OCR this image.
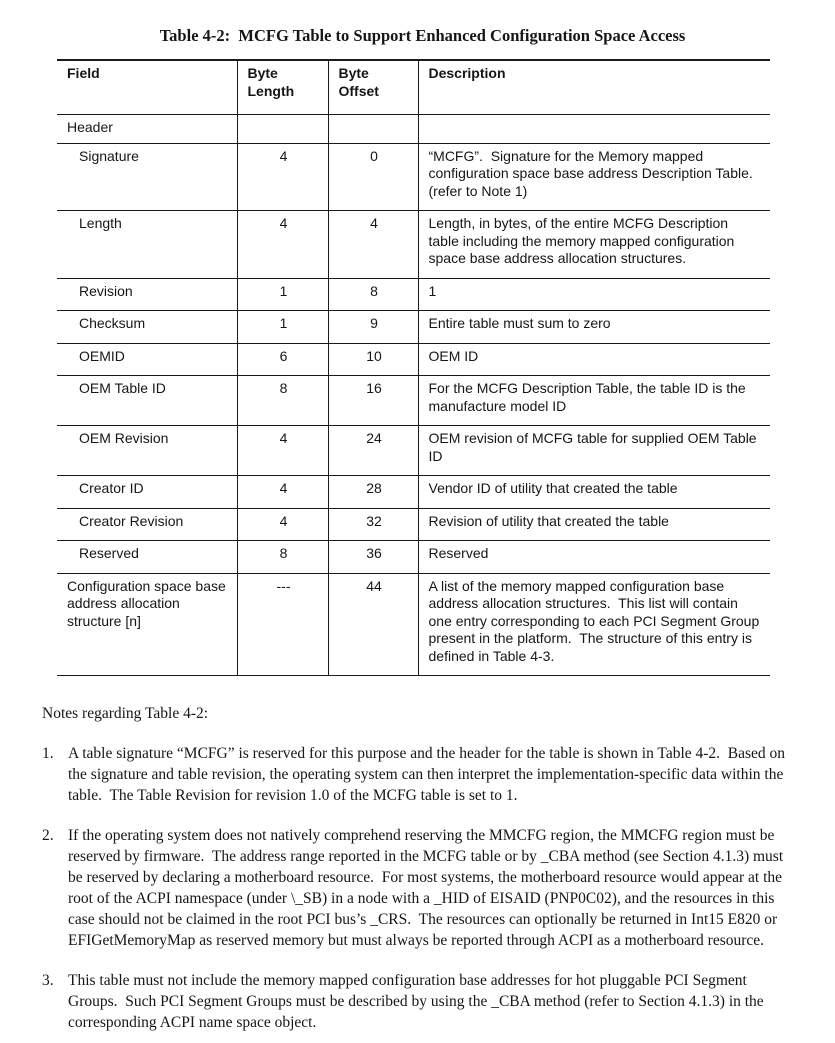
Table 4-2:  MCFG Table to Support Enhanced Configuration Space Access
Field	Byte Length	Byte Offset	Description
Header			
Signature	4	0	“MCFG”.  Signature for the Memory mapped configuration space base address Description Table.  (refer to Note 1)
Length	4	4	Length, in bytes, of the entire MCFG Description table including the memory mapped configuration space base address allocation structures.
Revision	1	8	1
Checksum	1	9	Entire table must sum to zero
OEMID	6	10	OEM ID
OEM Table ID	8	16	For the MCFG Description Table, the table ID is the manufacture model ID
OEM Revision	4	24	OEM revision of MCFG table for supplied OEM Table ID
Creator ID	4	28	Vendor ID of utility that created the table
Creator Revision	4	32	Revision of utility that created the table
Reserved	8	36	Reserved
Configuration space base address allocation structure [n]	---	44	A list of the memory mapped configuration base address allocation structures.  This list will contain one entry corresponding to each PCI Segment Group present in the platform.  The structure of this entry is defined in Table 4-3.

Notes regarding Table 4-2:

1. A table signature “MCFG” is reserved for this purpose and the header for the table is shown in Table 4-2.  Based on the signature and table revision, the operating system can then interpret the implementation-specific data within the table.  The Table Revision for revision 1.0 of the MCFG table is set to 1.
2. If the operating system does not natively comprehend reserving the MMCFG region, the MMCFG region must be reserved by firmware.  The address range reported in the MCFG table or by _CBA method (see Section 4.1.3) must be reserved by declaring a motherboard resource.  For most systems, the motherboard resource would appear at the root of the ACPI namespace (under \_SB) in a node with a _HID of EISAID (PNP0C02), and the resources in this case should not be claimed in the root PCI bus’s _CRS.  The resources can optionally be returned in Int15 E820 or EFIGetMemoryMap as reserved memory but must always be reported through ACPI as a motherboard resource.
3. This table must not include the memory mapped configuration base addresses for hot pluggable PCI Segment Groups.  Such PCI Segment Groups must be described by using the _CBA method (refer to Section 4.1.3) in the corresponding ACPI name space object.
